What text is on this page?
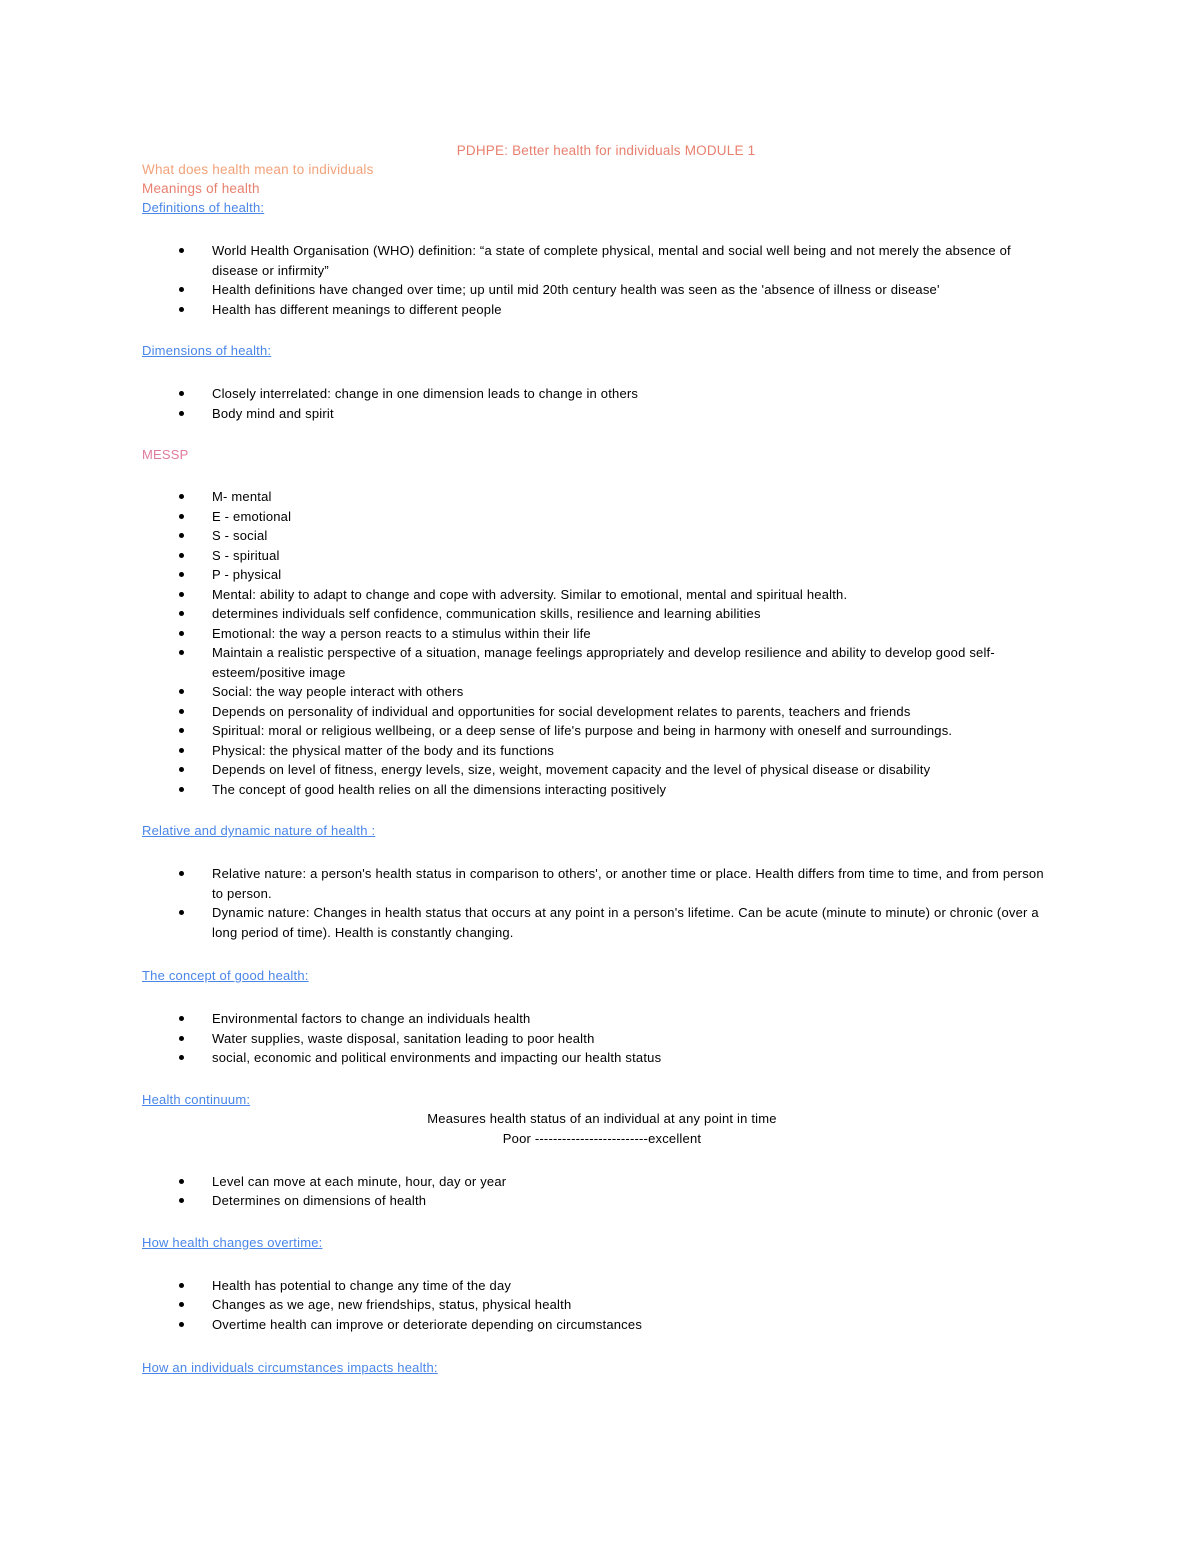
PDHPE: Better health for individuals MODULE 1

What does health mean to individuals

Meanings of health

Definitions of health:

World Health Organisation (WHO) definition: “a state of complete physical, mental and social well being and not merely the absence of disease or infirmity”
Health definitions have changed over time; up until mid 20th century health was seen as the 'absence of illness or disease'
Health has different meanings to different people

Dimensions of health:

Closely interrelated: change in one dimension leads to change in others
Body mind and spirit

MESSP

M- mental
E - emotional
S - social
S - spiritual
P - physical
Mental: ability to adapt to change and cope with adversity. Similar to emotional, mental and spiritual health.
determines individuals self confidence, communication skills, resilience and learning abilities
Emotional: the way a person reacts to a stimulus within their life
Maintain a realistic perspective of a situation, manage feelings appropriately and develop resilience and ability to develop good self-esteem/positive image
Social: the way people interact with others
Depends on personality of individual and opportunities for social development relates to parents, teachers and friends
Spiritual: moral or religious wellbeing, or a deep sense of life's purpose and being in harmony with oneself and surroundings.
Physical: the physical matter of the body and its functions
Depends on level of fitness, energy levels, size, weight, movement capacity and the level of physical disease or disability
The concept of good health relies on all the dimensions interacting positively

Relative and dynamic nature of health :

Relative nature: a person's health status in comparison to others', or another time or place. Health differs from time to time, and from person to person.
Dynamic nature: Changes in health status that occurs at any point in a person's lifetime. Can be acute (minute to minute) or chronic (over a long period of time). Health is constantly changing.

The concept of good health:

Environmental factors to change an individuals health
Water supplies, waste disposal, sanitation leading to poor health
social, economic and political environments and impacting our health status

Health continuum:

Measures health status of an individual at any point in time

Poor -------------------------excellent

Level can move at each minute, hour, day or year
Determines on dimensions of health

How health changes overtime:

Health has potential to change any time of the day
Changes as we age, new friendships, status, physical health
Overtime health can improve or deteriorate depending on circumstances

How an individuals circumstances impacts health:
